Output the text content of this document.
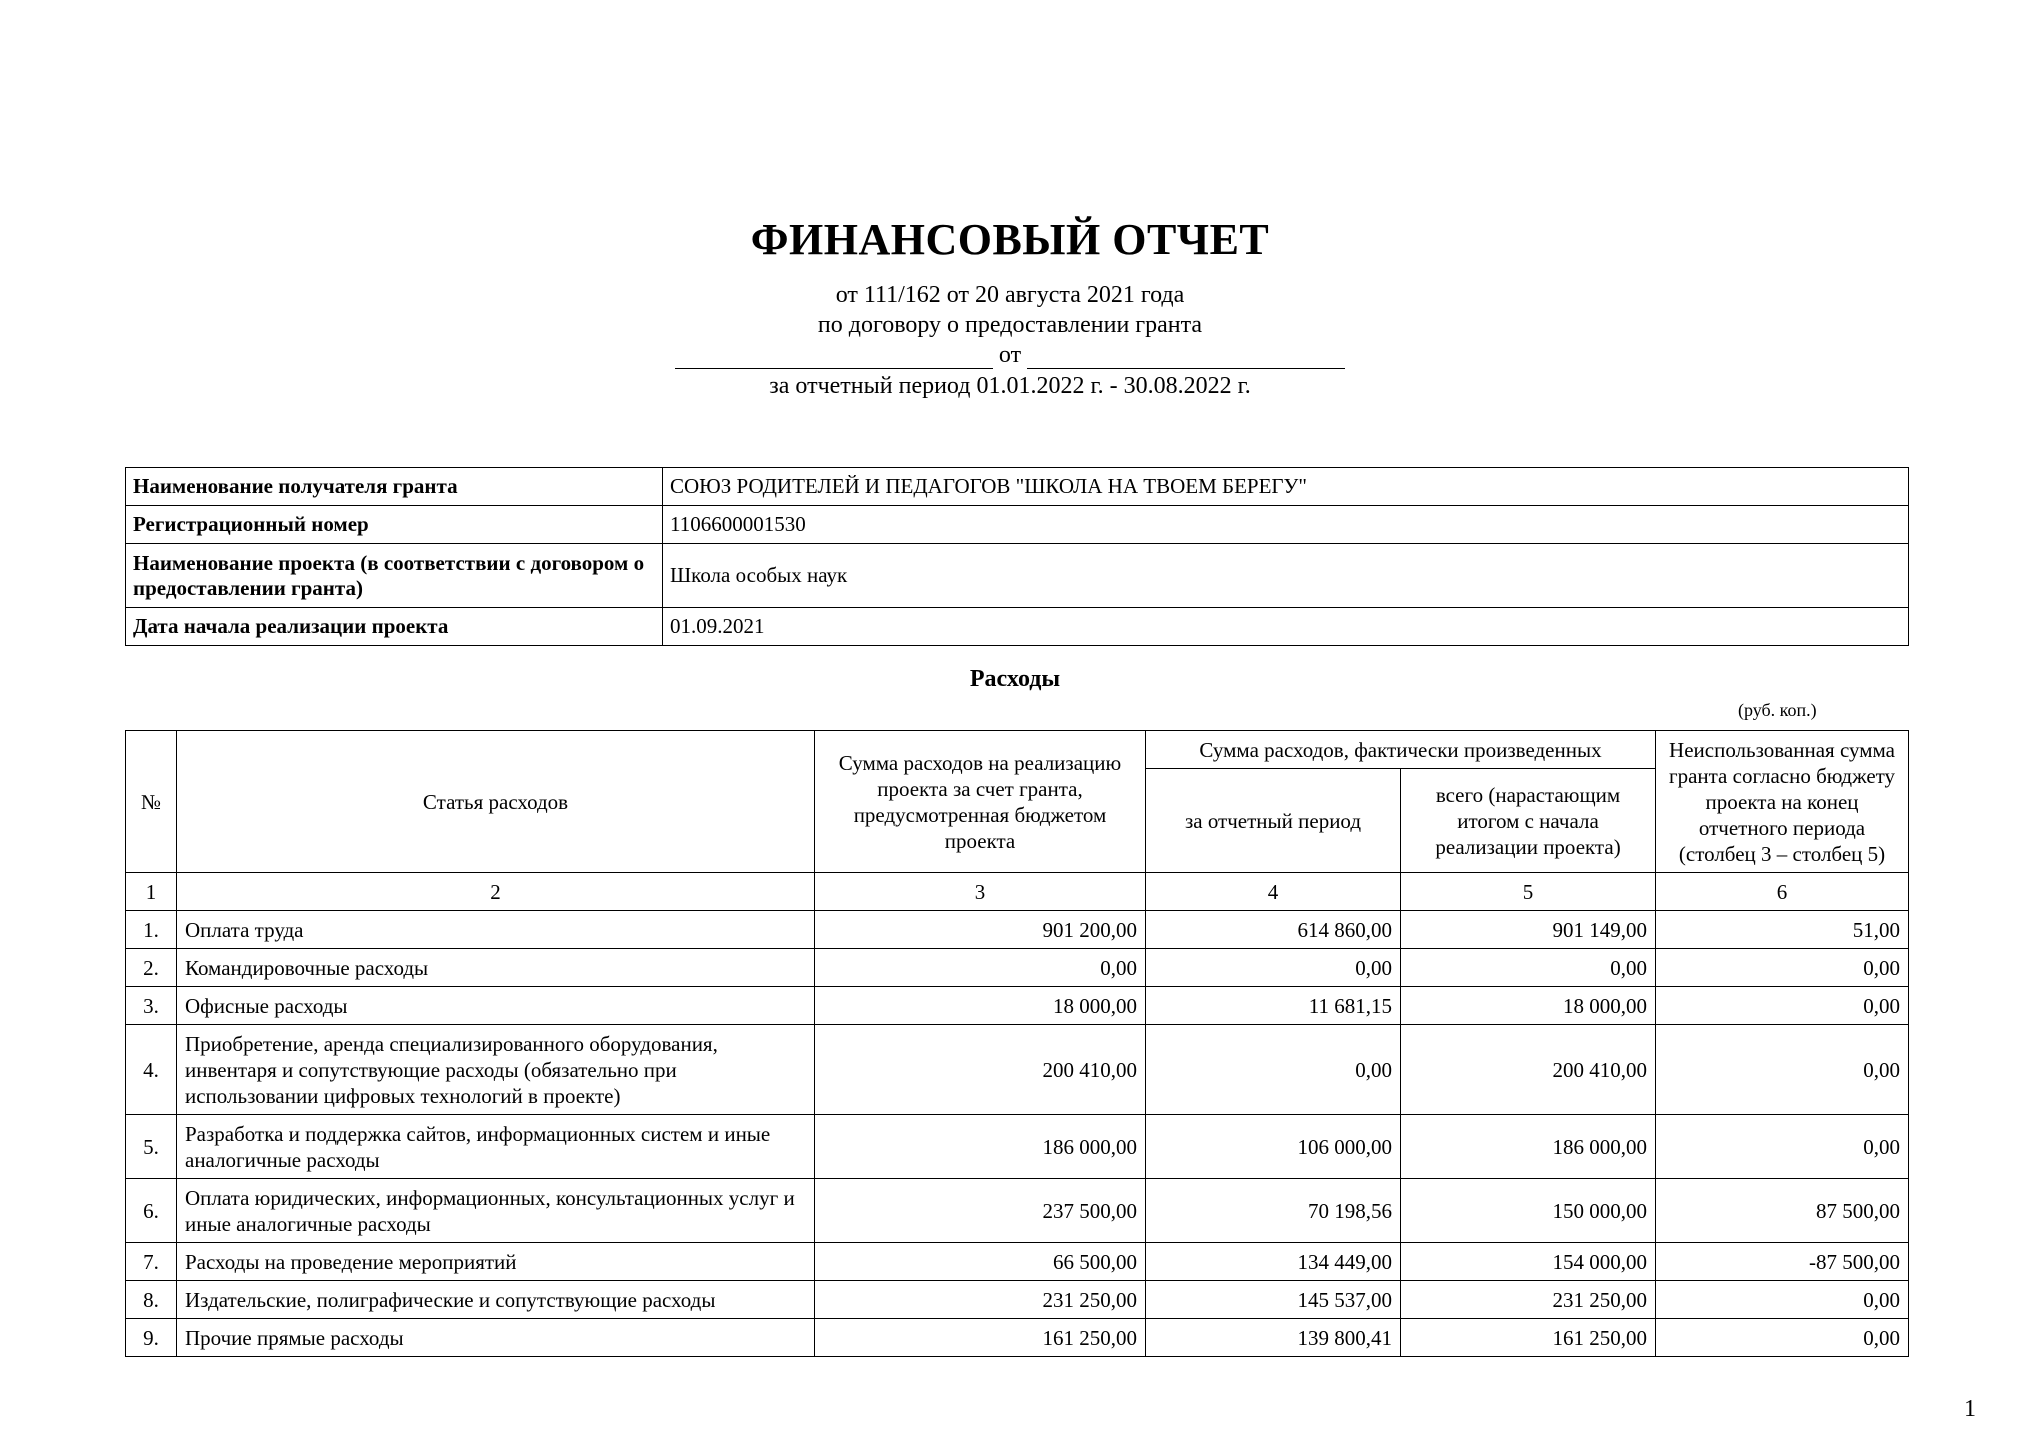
ФИНАНСОВЫЙ ОТЧЕТ
от 111/162 от 20 августа 2021 года
по договору о предоставлении гранта
от
за отчетный период 01.01.2022 г. - 30.08.2022 г.
Наименование получателя гранта	СОЮЗ РОДИТЕЛЕЙ И ПЕДАГОГОВ "ШКОЛА НА ТВОЕМ БЕРЕГУ"
Регистрационный номер	1106600001530
Наименование проекта (в соответствии с договором о предоставлении гранта)	Школа особых наук
Дата начала реализации проекта	01.09.2021
Расходы
(руб. коп.)
№	Статья расходов	Сумма расходов на реализацию проекта за счет гранта, предусмотренная бюджетом проекта	Сумма расходов, фактически произведенных		Неиспользованная сумма гранта согласно бюджету проекта на конец отчетного периода (столбец 3 – столбец 5)
			за отчетный период	всего (нарастающим итогом с начала реализации проекта)	
1	2	3	4	5	6
1.	Оплата труда	901 200,00	614 860,00	901 149,00	51,00
2.	Командировочные расходы	0,00	0,00	0,00	0,00
3.	Офисные расходы	18 000,00	11 681,15	18 000,00	0,00
4.	Приобретение, аренда специализированного оборудования, инвентаря и сопутствующие расходы (обязательно при использовании цифровых технологий в проекте)	200 410,00	0,00	200 410,00	0,00
5.	Разработка и поддержка сайтов, информационных систем и иные аналогичные расходы	186 000,00	106 000,00	186 000,00	0,00
6.	Оплата юридических, информационных, консультационных услуг и иные аналогичные расходы	237 500,00	70 198,56	150 000,00	87 500,00
7.	Расходы на проведение мероприятий	66 500,00	134 449,00	154 000,00	-87 500,00
8.	Издательские, полиграфические и сопутствующие расходы	231 250,00	145 537,00	231 250,00	0,00
9.	Прочие прямые расходы	161 250,00	139 800,41	161 250,00	0,00
1
